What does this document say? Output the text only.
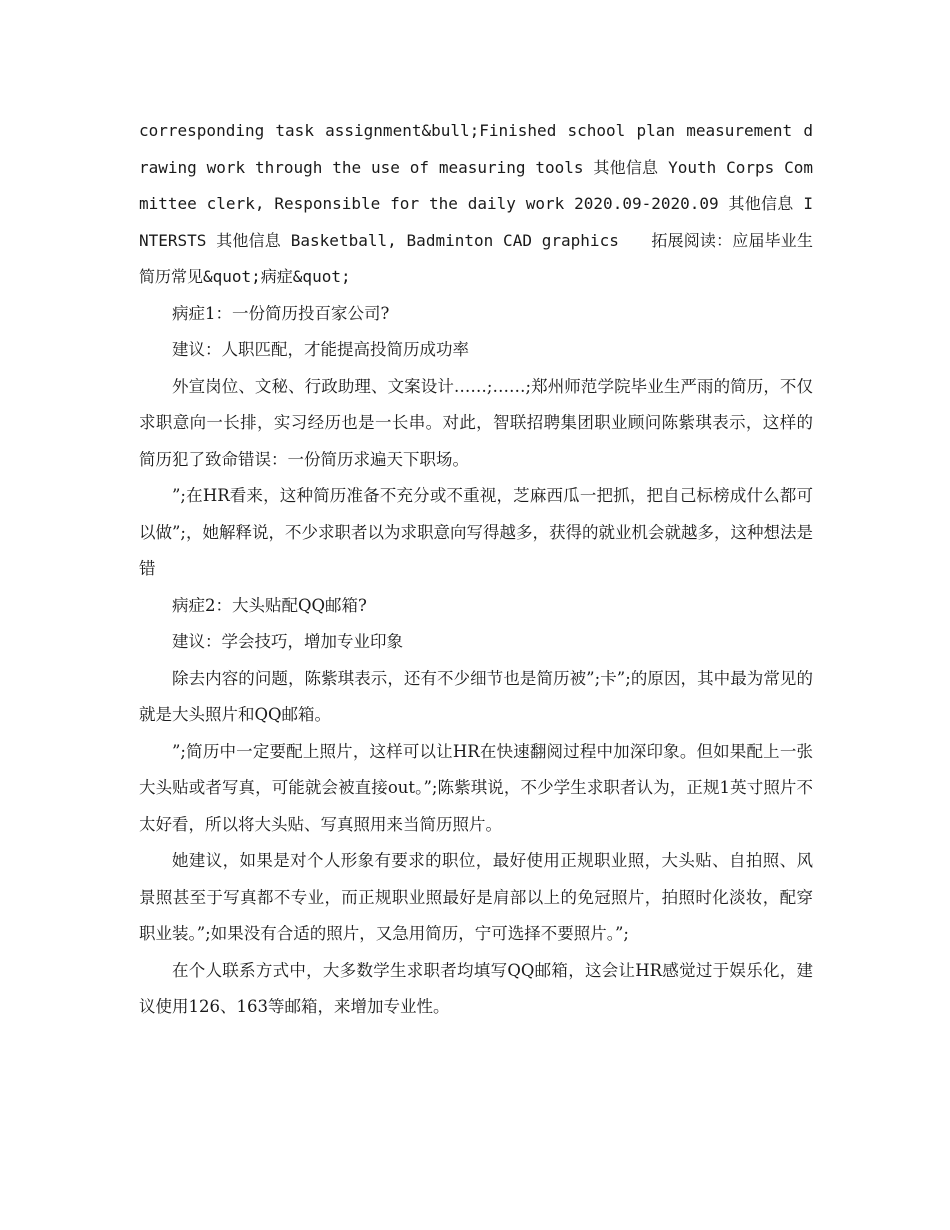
corresponding task assignment&bull;Finished school plan measurement drawing work through the use of measuring tools 其他信息 Youth Corps Committee clerk, Responsible for the daily work 2020.09-2020.09 其他信息 INTERSTS 其他信息 Basketball, Badminton CAD graphics　　拓展阅读：应届毕业生简历常见&quot;病症&quot;

病症1：一份简历投百家公司?

建议：人职匹配，才能提高投简历成功率

外宣岗位、文秘、行政助理、文案设计……;……;郑州师范学院毕业生严雨的简历，不仅求职意向一长排，实习经历也是一长串。对此，智联招聘集团职业顾问陈紫琪表示，这样的简历犯了致命错误：一份简历求遍天下职场。

”;在HR看来，这种简历准备不充分或不重视，芝麻西瓜一把抓，把自己标榜成什么都可以做”;，她解释说，不少求职者以为求职意向写得越多，获得的就业机会就越多，这种想法是错

病症2：大头贴配QQ邮箱?

建议：学会技巧，增加专业印象

除去内容的问题，陈紫琪表示，还有不少细节也是简历被”;卡”;的原因，其中最为常见的就是大头照片和QQ邮箱。

”;简历中一定要配上照片，这样可以让HR在快速翻阅过程中加深印象。但如果配上一张大头贴或者写真，可能就会被直接out。”;陈紫琪说，不少学生求职者认为，正规1英寸照片不太好看，所以将大头贴、写真照用来当简历照片。

她建议，如果是对个人形象有要求的职位，最好使用正规职业照，大头贴、自拍照、风景照甚至于写真都不专业，而正规职业照最好是肩部以上的免冠照片，拍照时化淡妆，配穿职业装。”;如果没有合适的照片，又急用简历，宁可选择不要照片。”;

在个人联系方式中，大多数学生求职者均填写QQ邮箱，这会让HR感觉过于娱乐化，建议使用126、163等邮箱，来增加专业性。
